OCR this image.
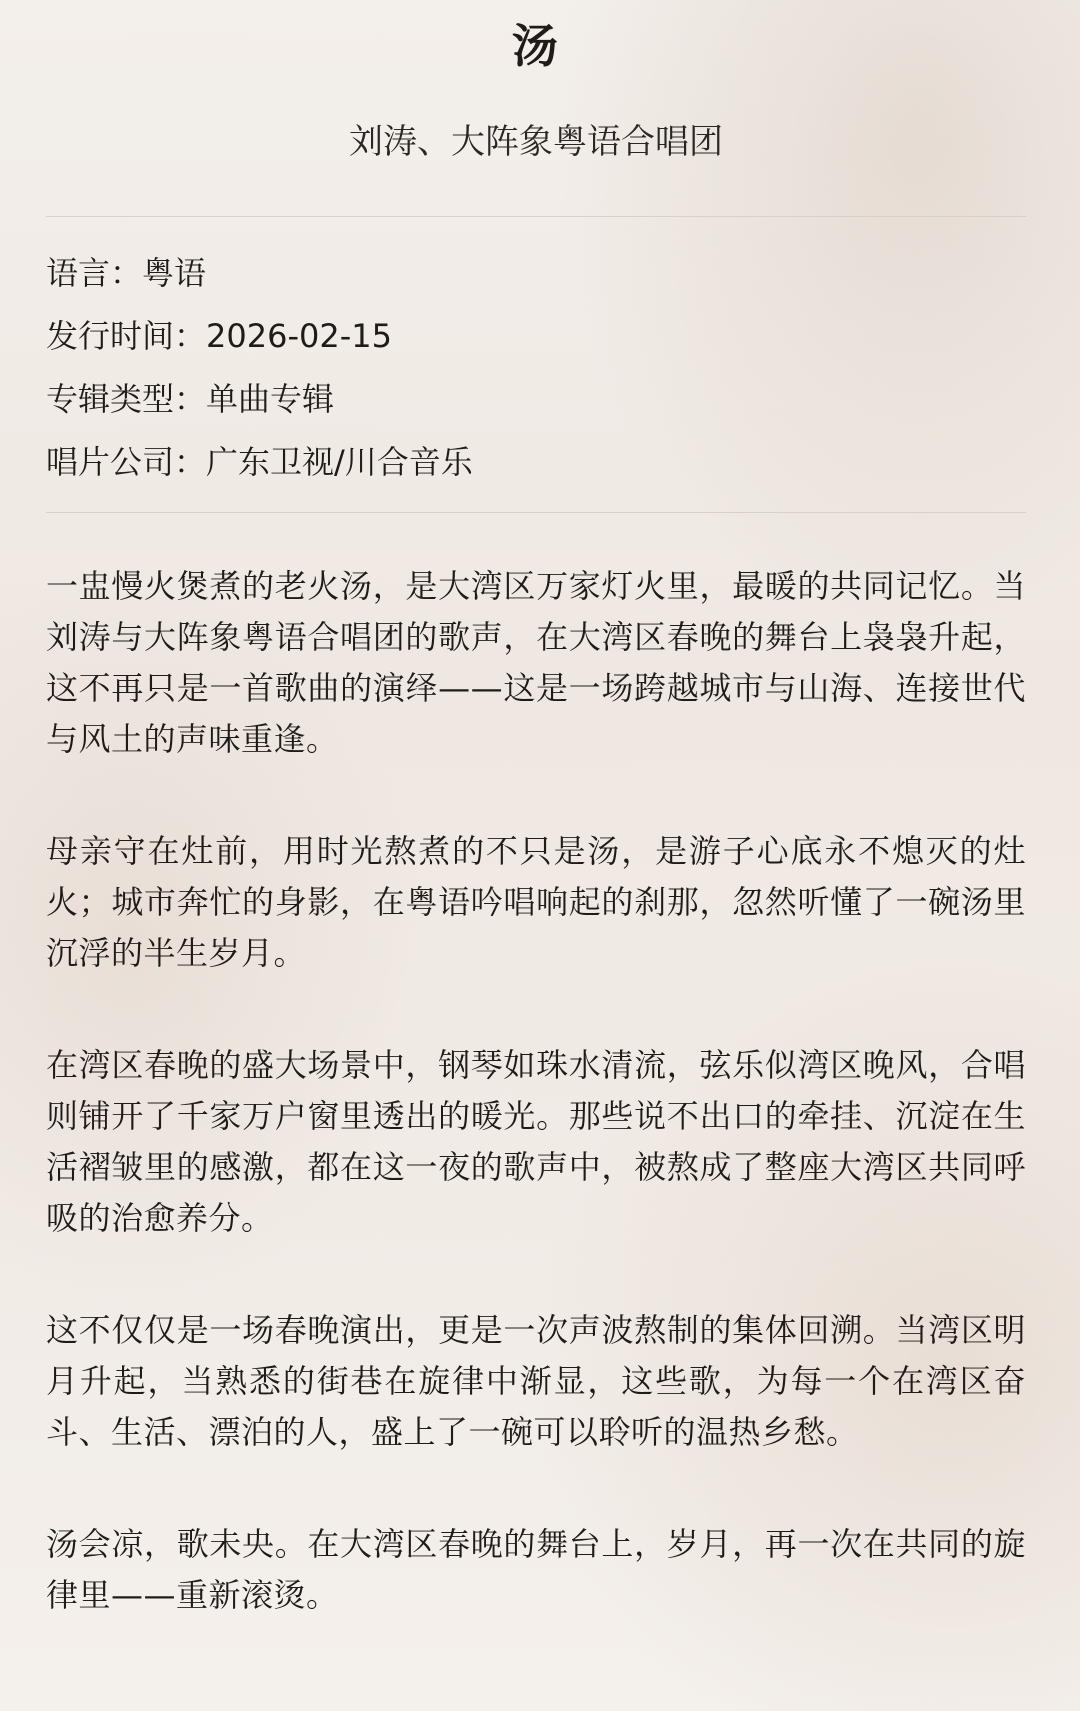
汤
刘涛、大阵象粤语合唱团
语言：粤语
发行时间：2026-02-15
专辑类型：单曲专辑
唱片公司：广东卫视/川合音乐

一盅慢火煲煮的老火汤，是大湾区万家灯火里，最暖的共同记忆。当刘涛与大阵象粤语合唱团的歌声，在大湾区春晚的舞台上袅袅升起，这不再只是一首歌曲的演绎——这是一场跨越城市与山海、连接世代与风土的声味重逢。

母亲守在灶前，用时光熬煮的不只是汤，是游子心底永不熄灭的灶火；城市奔忙的身影，在粤语吟唱响起的刹那，忽然听懂了一碗汤里沉浮的半生岁月。

在湾区春晚的盛大场景中，钢琴如珠水清流，弦乐似湾区晚风，合唱则铺开了千家万户窗里透出的暖光。那些说不出口的牵挂、沉淀在生活褶皱里的感激，都在这一夜的歌声中，被熬成了整座大湾区共同呼吸的治愈养分。

这不仅仅是一场春晚演出，更是一次声波熬制的集体回溯。当湾区明月升起，当熟悉的街巷在旋律中渐显，这些歌，为每一个在湾区奋斗、生活、漂泊的人，盛上了一碗可以聆听的温热乡愁。

汤会凉，歌未央。在大湾区春晚的舞台上，岁月，再一次在共同的旋律里——重新滚烫。
